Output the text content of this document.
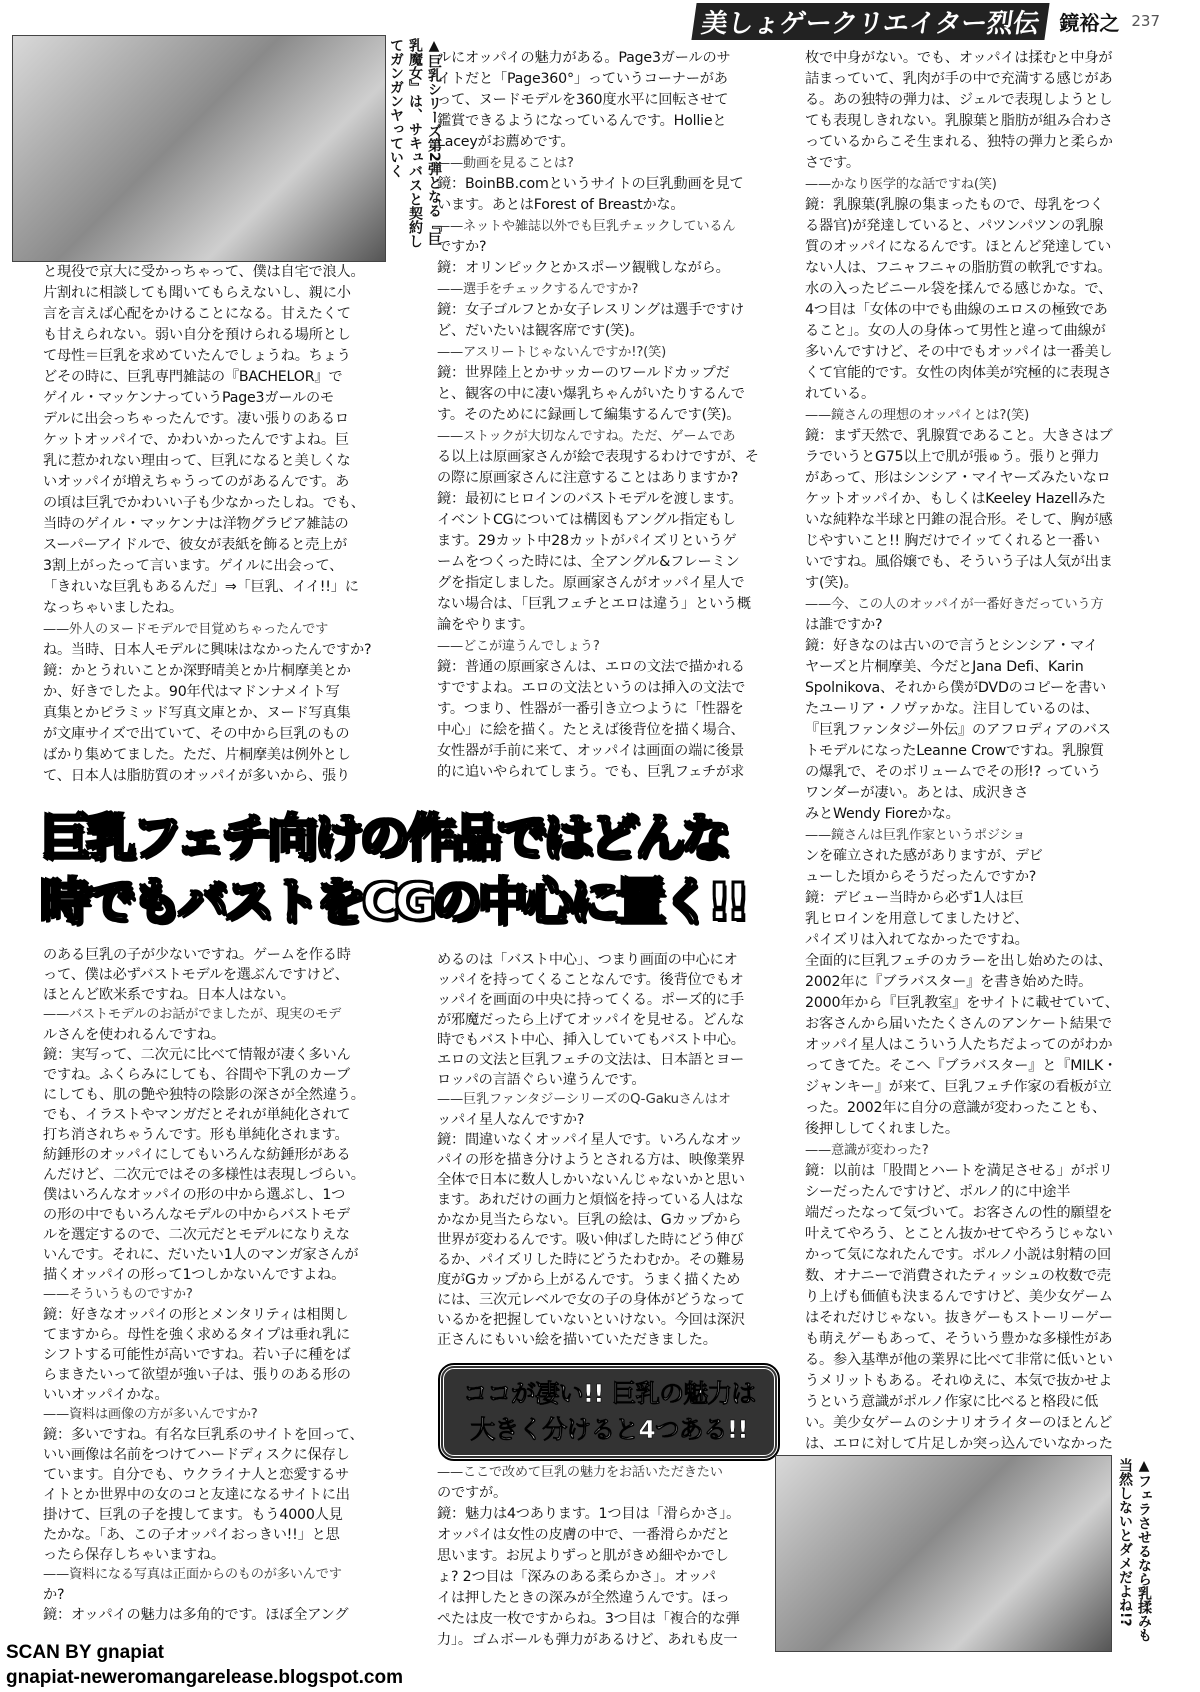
美しょゲークリエイター烈伝 鏡裕之 237
▲巨乳シリーズ第2弾となる『巨乳魔女』は、サキュバスと契約してガンガンヤっていく
と現役で京大に受かっちゃって、僕は自宅で浪人。
片割れに相談しても聞いてもらえないし、親に小
言を言えば心配をかけることになる。甘えたくて
も甘えられない。弱い自分を預けられる場所とし
て母性＝巨乳を求めていたんでしょうね。ちょう
どその時に、巨乳専門雑誌の『BACHELOR』で
ゲイル・マッケンナっていうPage3ガールのモ
デルに出会っちゃったんです。凄い張りのあるロ
ケットオッパイで、かわいかったんですよね。巨
乳に惹かれない理由って、巨乳になると美しくな
いオッパイが増えちゃうってのがあるんです。あ
の頃は巨乳でかわいい子も少なかったしね。でも、
当時のゲイル・マッケンナは洋物グラビア雑誌の
スーパーアイドルで、彼女が表紙を飾ると売上が
3割上がったって言います。ゲイルに出会って、
「きれいな巨乳もあるんだ」⇒「巨乳、イイ!!」に
なっちゃいましたね。
——外人のヌードモデルで目覚めちゃったんです
ね。当時、日本人モデルに興味はなかったんですか?
鏡：かとうれいことか深野晴美とか片桐摩美とか
か、好きでしたよ。90年代はマドンナメイト写
真集とかピラミッド写真文庫とか、ヌード写真集
が文庫サイズで出ていて、その中から巨乳のもの
ばかり集めてました。ただ、片桐摩美は例外とし
て、日本人は脂肪質のオッパイが多いから、張り
ルにオッパイの魅力がある。Page3ガールのサ
イトだと「Page360°」っていうコーナーがあ
って、ヌードモデルを360度水平に回転させて
鑑賞できるようになっているんです。Hollieと
Laceyがお薦めです。
——動画を見ることは?
鏡：BoinBB.comというサイトの巨乳動画を見て
います。あとはForest of Breastかな。
——ネットや雑誌以外でも巨乳チェックしているん
ですか?
鏡：オリンピックとかスポーツ観戦しながら。
——選手をチェックするんですか?
鏡：女子ゴルフとか女子レスリングは選手ですけ
ど、だいたいは観客席です(笑)。
——アスリートじゃないんですか!?(笑)
鏡：世界陸上とかサッカーのワールドカップだ
と、観客の中に凄い爆乳ちゃんがいたりするんで
す。そのためにに録画して編集するんです(笑)。
——ストックが大切なんですね。ただ、ゲームであ
る以上は原画家さんが絵で表現するわけですが、そ
の際に原画家さんに注意することはありますか?
鏡：最初にヒロインのバストモデルを渡します。
イベントCGについては構図もアングル指定もし
ます。29カット中28カットがパイズリというゲ
ームをつくった時には、全アングル&フレーミン
グを指定しました。原画家さんがオッパイ星人で
ない場合は、「巨乳フェチとエロは違う」という概
論をやります。
——どこが違うんでしょう?
鏡：普通の原画家さんは、エロの文法で描かれる
すですよね。エロの文法というのは挿入の文法で
す。つまり、性器が一番引き立つように「性器を
中心」に絵を描く。たとえば後背位を描く場合、
女性器が手前に来て、オッパイは画面の端に後景
的に追いやられてしまう。でも、巨乳フェチが求
枚で中身がない。でも、オッパイは揉むと中身が
詰まっていて、乳肉が手の中で充満する感じがあ
る。あの独特の弾力は、ジェルで表現しようとし
ても表現しきれない。乳腺葉と脂肪が組み合わさ
っているからこそ生まれる、独特の弾力と柔らか
さです。
——かなり医学的な話ですね(笑)
鏡：乳腺葉(乳腺の集まったもので、母乳をつく
る器官)が発達していると、パツンパツンの乳腺
質のオッパイになるんです。ほとんど発達してい
ない人は、フニャフニャの脂肪質の軟乳ですね。
水の入ったビニール袋を揉んでる感じかな。で、
4つ目は「女体の中でも曲線のエロスの極致であ
ること」。女の人の身体って男性と違って曲線が
多いんですけど、その中でもオッパイは一番美し
くて官能的です。女性の肉体美が究極的に表現さ
れている。
——鏡さんの理想のオッパイとは?(笑)
鏡：まず天然で、乳腺質であること。大きさはブ
ラでいうとG75以上で肌が張ゅう。張りと弾力
があって、形はシンシア・マイヤーズみたいなロ
ケットオッパイか、もしくはKeeley Hazellみた
いな純粋な半球と円錐の混合形。そして、胸が感
じやすいこと!! 胸だけでイッてくれると一番い
いですね。風俗嬢でも、そういう子は人気が出ま
す(笑)。
——今、この人のオッパイが一番好きだっていう方
は誰ですか?
鏡：好きなのは古いので言うとシンシア・マイ
ヤーズと片桐摩美、今だとJana Defi、Karin
Spolnikova、それから僕がDVDのコピーを書い
たユーリア・ノヴァかな。注目しているのは、
『巨乳ファンタジー外伝』のアフロディアのバス
トモデルになったLeanne Crowですね。乳腺質
の爆乳で、そのボリュームでその形!? っていう
ワンダーが凄い。あとは、成沢きさ
みとWendy Fioreかな。
——鏡さんは巨乳作家というポジショ
ンを確立された感がありますが、デビ
ューした頃からそうだったんですか?
鏡：デビュー当時から必ず1人は巨
乳ヒロインを用意してましたけど、
パイズリは入れてなかったですね。
全面的に巨乳フェチのカラーを出し始めたのは、
2002年に『ブラバスター』を書き始めた時。
2000年から『巨乳教室』をサイトに載せていて、
お客さんから届いたたくさんのアンケート結果で
オッパイ星人はこういう人たちだよってのがわか
ってきてた。そこへ『ブラバスター』と『MILK・
ジャンキー』が来て、巨乳フェチ作家の看板が立
った。2002年に自分の意識が変わったことも、
後押ししてくれました。
——意識が変わった?
鏡：以前は「股間とハートを満足させる」がポリ
シーだったんですけど、ポルノ的に中途半
端だったなって気づいて。お客さんの性的願望を
叶えてやろう、とことん抜かせてやろうじゃない
かって気になれたんです。ポルノ小説は射精の回
数、オナニーで消費されたティッシュの枚数で売
り上げも価値も決まるんですけど、美少女ゲーム
はそれだけじゃない。抜きゲーもストーリーゲー
も萌えゲーもあって、そういう豊かな多様性があ
る。参入基準が他の業界に比べて非常に低いとい
うメリットもある。それゆえに、本気で抜かせよ
うという意識がポルノ作家に比べると格段に低
い。美少女ゲームのシナリオライターのほとんど
は、エロに対して片足しか突っ込んでいなかった
巨乳フェチ向けの作品ではどんな
時でもバストをCGの中心に置く!!
のある巨乳の子が少ないですね。ゲームを作る時
って、僕は必ずバストモデルを選ぶんですけど、
ほとんど欧米系ですね。日本人はない。
——バストモデルのお話がでましたが、現実のモデ
ルさんを使われるんですね。
鏡：実写って、二次元に比べて情報が凄く多いん
ですね。ふくらみにしても、谷間や下乳のカーブ
にしても、肌の艶や独特の陰影の深さが全然違う。
でも、イラストやマンガだとそれが単純化されて
打ち消されちゃうんです。形も単純化されます。
紡錘形のオッパイにしてもいろんな紡錘形がある
んだけど、二次元ではその多様性は表現しづらい。
僕はいろんなオッパイの形の中から選ぶし、1つ
の形の中でもいろんなモデルの中からバストモデ
ルを選定するので、二次元だとモデルになりえな
いんです。それに、だいたい1人のマンガ家さんが
描くオッパイの形って1つしかないんですよね。
——そういうものですか?
鏡：好きなオッパイの形とメンタリティは相関し
てますから。母性を強く求めるタイプは垂れ乳に
シフトする可能性が高いですね。若い子に種をば
らまきたいって欲望が強い子は、張りのある形の
いいオッパイかな。
——資料は画像の方が多いんですか?
鏡：多いですね。有名な巨乳系のサイトを回って、
いい画像は名前をつけてハードディスクに保存し
ています。自分でも、ウクライナ人と恋愛するサ
イトとか世界中の女のコと友達になるサイトに出
掛けて、巨乳の子を捜してます。もう4000人見
たかな。「あ、この子オッパイおっきい!!」と思
ったら保存しちゃいますね。
——資料になる写真は正面からのものが多いんです
か?
鏡：オッパイの魅力は多角的です。ほぼ全アング
めるのは「バスト中心」、つまり画面の中心にオ
ッパイを持ってくることなんです。後背位でもオ
ッパイを画面の中央に持ってくる。ポーズ的に手
が邪魔だったら上げてオッパイを見せる。どんな
時でもバスト中心、挿入していてもバスト中心。
エロの文法と巨乳フェチの文法は、日本語とヨー
ロッパの言語ぐらい違うんです。
——巨乳ファンタジーシリーズのQ-Gakuさんはオ
ッパイ星人なんですか?
鏡：間違いなくオッパイ星人です。いろんなオッ
パイの形を描き分けようとされる方は、映像業界
全体で日本に数人しかいないんじゃないかと思い
ます。あれだけの画力と煩悩を持っている人はな
かなか見当たらない。巨乳の絵は、Gカップから
世界が変わるんです。吸い伸ばした時にどう伸び
るか、パイズリした時にどうたわむか。その難易
度がGカップから上がるんです。うまく描くため
には、三次元レベルで女の子の身体がどうなって
いるかを把握していないといけない。今回は深沢
正さんにもいい絵を描いていただきました。
ココが凄い!! 巨乳の魅力は
大きく分けると4つある!!
——ここで改めて巨乳の魅力をお話いただきたい
のですが。
鏡：魅力は4つあります。1つ目は「滑らかさ」。
オッパイは女性の皮膚の中で、一番滑らかだと
思います。お尻よりずっと肌がきめ細やかでし
ょ? 2つ目は「深みのある柔らかさ」。オッパ
イは押したときの深みが全然違うんです。ほっ
ぺたは皮一枚ですからね。3つ目は「複合的な弾
力」。ゴムボールも弾力があるけど、あれも皮一	▲フェラさせるなら乳揉みも当然しないとダメだよね!?
SCAN BY gnapiat
gnapiat-neweromangarelease.blogspot.com
